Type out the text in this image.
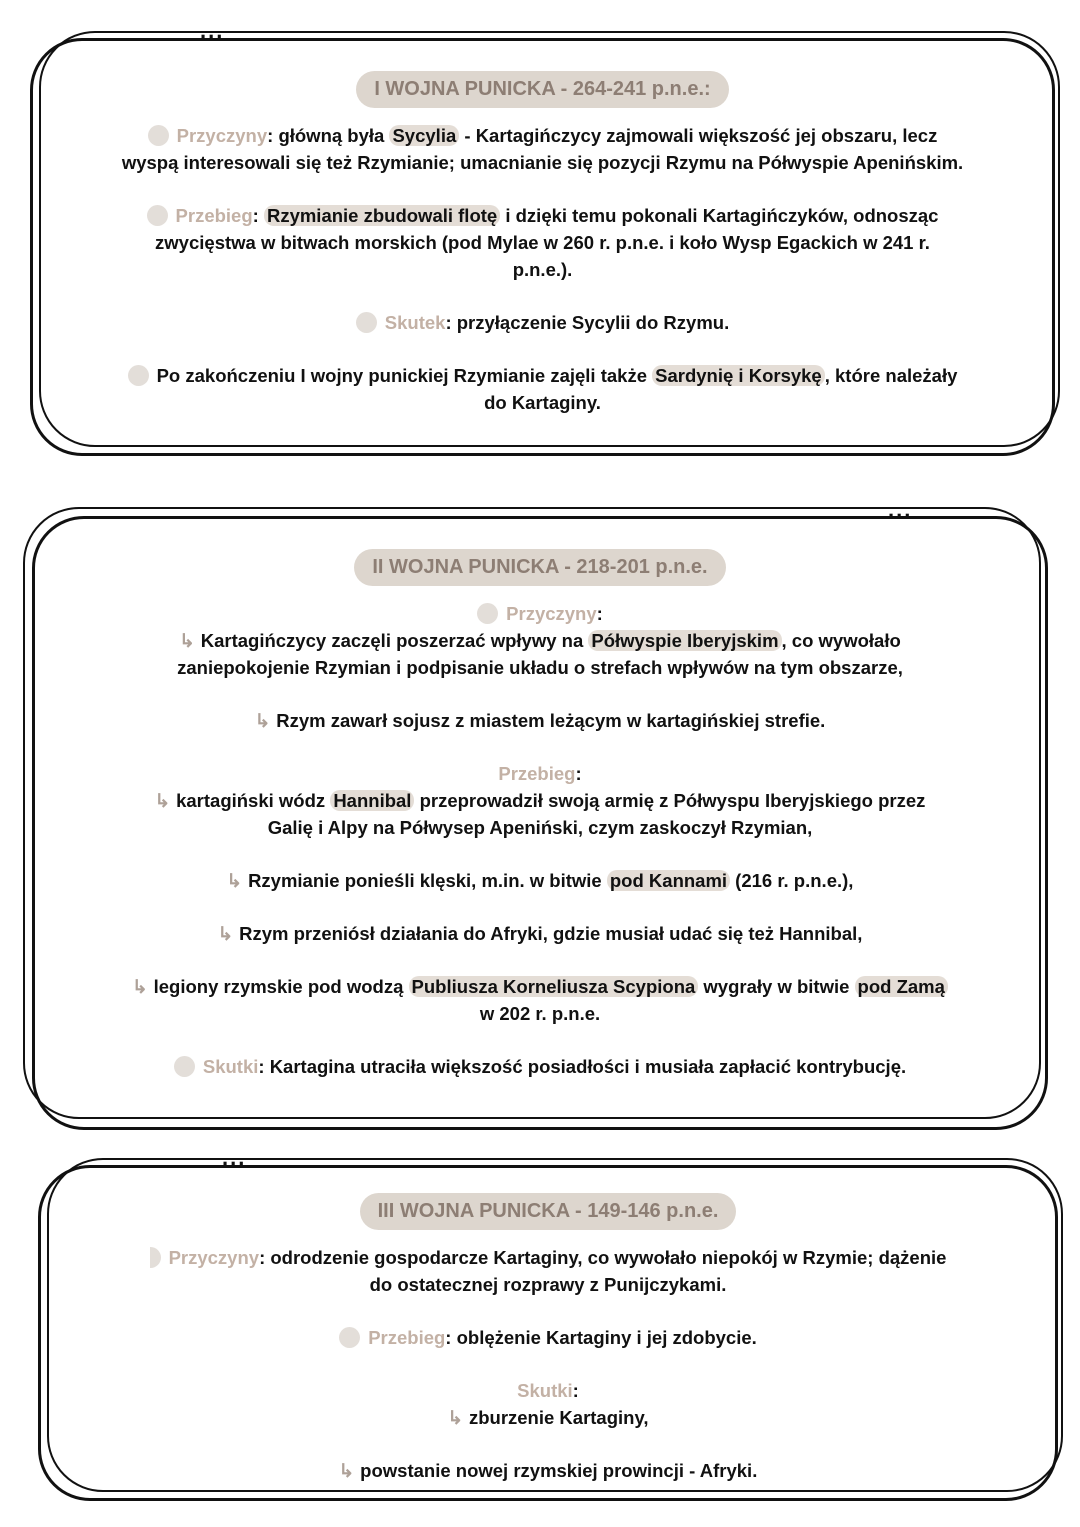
...
I WOJNA PUNICKA - 264-241 p.n.e.:

Przyczyny: główną była Sycylia - Kartagińczycy zajmowali większość jej obszaru, lecz
wyspą interesowali się też Rzymianie; umacnianie się pozycji Rzymu na Półwyspie Apenińskim.
Przebieg: Rzymianie zbudowali flotę i dzięki temu pokonali Kartagińczyków, odnosząc
zwycięstwa w bitwach morskich (pod Mylae w 260 r. p.n.e. i koło Wysp Egackich w 241 r.
p.n.e.).
Skutek: przyłączenie Sycylii do Rzymu.
Po zakończeniu I wojny punickiej Rzymianie zajęli także Sardynię i Korsykę , które należały
do Kartaginy.
...
II WOJNA PUNICKA - 218-201 p.n.e.

Przyczyny:
↳ Kartagińczycy zaczęli poszerzać wpływy na Półwyspie Iberyjskim , co wywołało
zaniepokojenie Rzymian i podpisanie układu o strefach wpływów na tym obszarze,
↳ Rzym zawarł sojusz z miastem leżącym w kartagińskiej strefie.
Przebieg:
↳ kartagiński wódz Hannibal przeprowadził swoją armię z Półwyspu Iberyjskiego przez
Galię i Alpy na Półwysep Apeniński, czym zaskoczył Rzymian,
↳ Rzymianie ponieśli klęski, m.in. w bitwie pod Kannami (216 r. p.n.e.),
↳ Rzym przeniósł działania do Afryki, gdzie musiał udać się też Hannibal,
↳ legiony rzymskie pod wodzą Publiusza Korneliusza Scypiona wygrały w bitwie pod Zamą
w 202 r. p.n.e.
Skutki: Kartagina utraciła większość posiadłości i musiała zapłacić kontrybucję.
...
III WOJNA PUNICKA - 149-146 p.n.e.

Przyczyny: odrodzenie gospodarcze Kartaginy, co wywołało niepokój w Rzymie; dążenie
do ostatecznej rozprawy z Punijczykami.
Przebieg: oblężenie Kartaginy i jej zdobycie.
Skutki:
↳ zburzenie Kartaginy,
↳ powstanie nowej rzymskiej prowincji - Afryki.
